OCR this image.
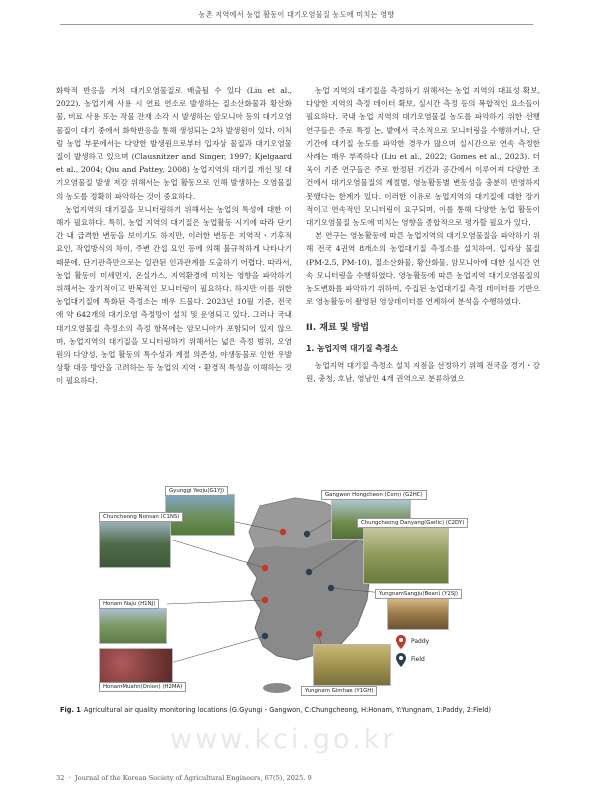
농촌 지역에서 농업 활동이 대기오염물질 농도에 미치는 영향

화학적 반응을 거쳐 대기오염물질로 배출될 수 있다 (Liu et al., 2022). 농업기계 사용 시 연료 연소로 발생하는 질소산화물과 황산화물, 비료 사용 또는 작물 잔재 소각 시 발생하는 암모니아 등의 대기오염물질이 대기 중에서 화학반응을 통해 생성되는 2차 발생원이 있다. 이처럼 농업 부문에서는 다양한 발생원으로부터 입자상 물질과 대기오염물질이 발생하고 있으며 (Clausnitzer and Singer, 1997; Kjelgaard et al., 2004; Qiu and Pattey, 2008) 농업지역의 대기질 개선 및 대기오염물질 발생 저감 위해서는 농업 활동으로 인해 발생하는 오염물질의 농도를 정확히 파악하는 것이 중요하다.

농업지역의 대기질을 모니터링하기 위해서는 농업의 특성에 대한 이해가 필요하다. 특히, 농업 지역의 대기질은 농업활동 시기에 따라 단기간 내 급격한 변동을 보이기도 하지만, 이러한 변동은 지역적・기후적 요인, 작업방식의 차이, 주변 간섭 요인 등에 의해 불규칙하게 나타나기 때문에, 단기관측만으로는 일관된 인과관계를 도출하기 어렵다. 따라서, 농업 활동이 미세먼지, 온실가스, 지역환경에 미치는 영향을 파악하기 위해서는 장기적이고 반복적인 모니터링이 필요하다. 하지만 이를 위한 농업대기질에 특화된 측정소는 매우 드물다. 2023년 10월 기준, 전국에 약 642개의 대기오염 측정망이 설치 및 운영되고 있다. 그러나 국내 대기오염물질 측정소의 측정 항목에는 암모니아가 포함되어 있지 않으며, 농업지역의 대기질을 모니터링하기 위해서는 넓은 측정 범위, 오염원의 다양성, 농업 활동의 특수성과 계절 의존성, 야생동물로 인한 우발 상황 대응 방안을 고려하는 등 농업의 지역・환경적 특성을 이해하는 것이 필요하다.

농업 지역의 대기질을 측정하기 위해서는 농업 지역의 대표성 확보, 다양한 지역의 측정 데이터 확보, 실시간 측정 등의 복합적인 요소들이 필요하다. 국내 농업 지역의 대기오염물질 농도를 파악하기 위한 선행 연구들은 주로 특정 논, 밭에서 국소적으로 모니터링을 수행하거나, 단기간에 대기질 농도를 파악한 경우가 많으며 실시간으로 연속 측정한 사례는 매우 부족하다 (Liu et al., 2022; Gomes et al., 2023). 더욱이 기존 연구들은 주로 한정된 기간과 공간에서 이루어져 다양한 조건에서 대기오염물질의 계절별, 영농활동별 변동성을 충분히 반영하지 못했다는 한계가 있다. 이러한 이유로 농업지역의 대기질에 대한 장기적이고 연속적인 모니터링이 요구되며, 이를 통해 다양한 농업 활동이 대기오염물질 농도에 미치는 영향을 종합적으로 평가할 필요가 있다.

본 연구는 영농활동에 따른 농업지역의 대기오염물질을 파악하기 위해 전국 4권역 8개소의 농업대기질 측정소를 설치하여, 입자상 물질 (PM-2.5, PM-10), 질소산화물, 황산화물, 암모니아에 대한 실시간 연속 모니터링을 수행하였다. 영농활동에 따른 농업지역 대기오염물질의 농도변화를 파악하기 위하여, 수집된 농업대기질 측정 데이터를 기반으로 영농활동이 촬영된 영상데이터를 연계하여 분석을 수행하였다.

II. 재료 및 방법
1. 농업지역 대기질 측정소

농업지역 대기질 측정소 설치 지점을 선정하기 위해 전국을 경기・강원, 충청, 호남, 영남인 4개 권역으로 분류하였으

Gyunggi Yeoju(G1YJ)
Gangwon Hongcheon (Corn) (G2HC)
Chuncheong Nonsan (C1NS)
Chungcheong Danyang(Garlic) (C2DY)
Honam Naju (H1NJ)
YungnamSangju(Bean) (Y2SJ)
HonamMuahn(Onion) (H2MA)
Yungnam Gimhae (Y1GH)
Paddy
Field
Fig. 1 Agricultural air quality monitoring locations (G:Gyungi・Gangwon, C:Chungcheong, H:Honam, Y:Yungnam, 1:Paddy, 2:Field)
www.kci.go.kr
32 ㆍ Journal of the Korean Society of Agricultural Engineers, 67(5), 2025. 9
